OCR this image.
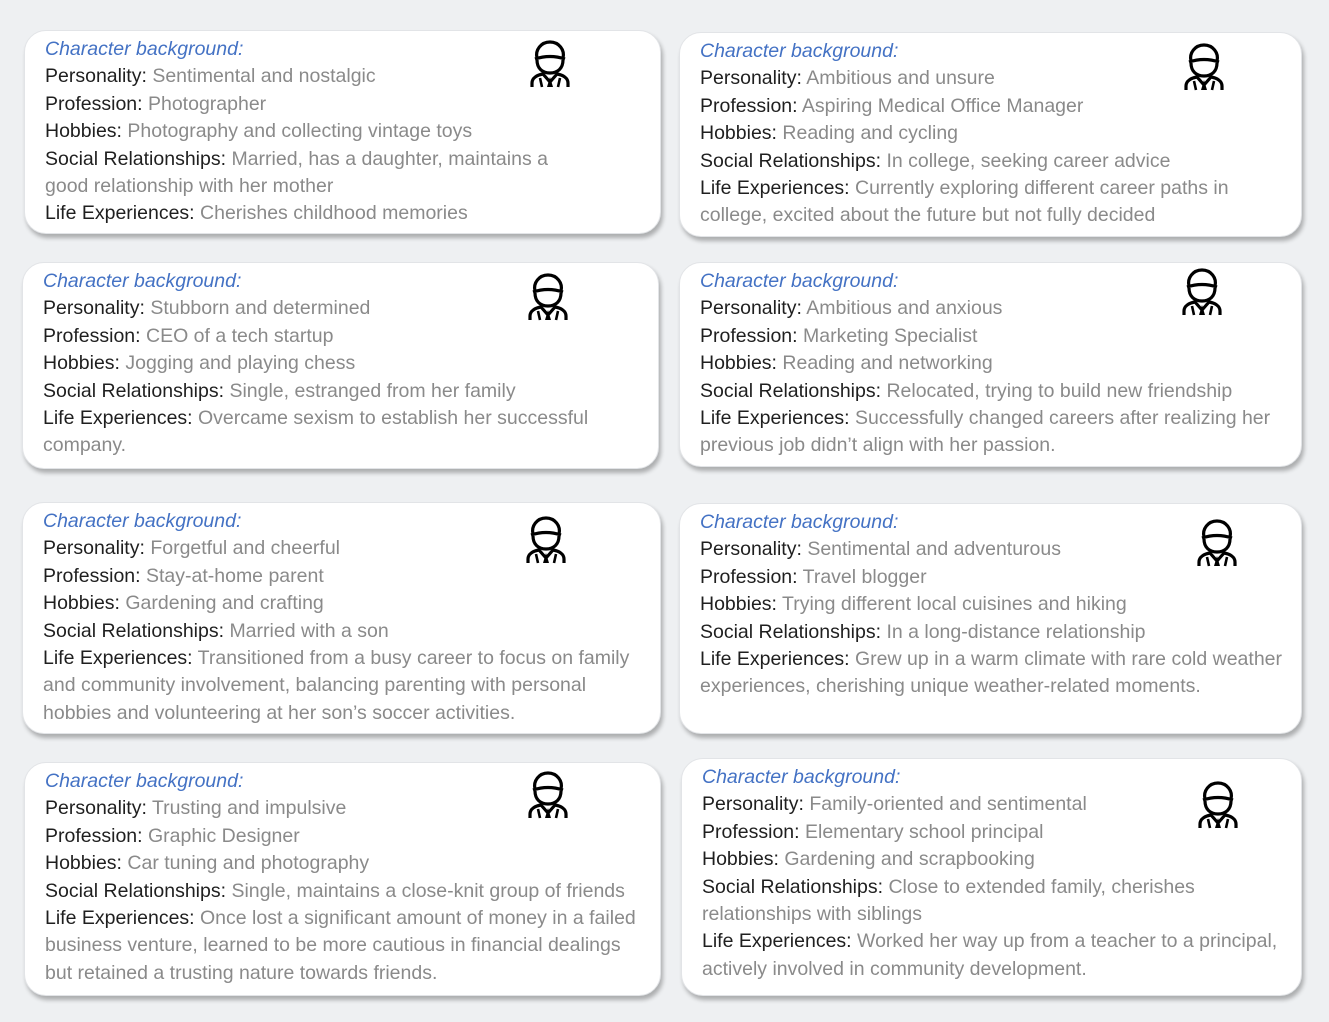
Character background:
Personality: Sentimental and nostalgic
Profession: Photographer
Hobbies: Photography and collecting vintage toys
Social Relationships: Married, has a daughter, maintains a good relationship with her mother
Life Experiences: Cherishes childhood memories
Character background:
Personality: Ambitious and unsure
Profession: Aspiring Medical Office Manager
Hobbies: Reading and cycling
Social Relationships: In college, seeking career advice
Life Experiences: Currently exploring different career paths in college, excited about the future but not fully decided
Character background:
Personality: Stubborn and determined
Profession: CEO of a tech startup
Hobbies: Jogging and playing chess
Social Relationships: Single, estranged from her family
Life Experiences: Overcame sexism to establish her successful company.
Character background:
Personality: Ambitious and anxious
Profession: Marketing Specialist
Hobbies: Reading and networking
Social Relationships: Relocated, trying to build new friendship
Life Experiences: Successfully changed careers after realizing her previous job didn’t align with her passion.
Character background:
Personality: Forgetful and cheerful
Profession: Stay-at-home parent
Hobbies: Gardening and crafting
Social Relationships: Married with a son
Life Experiences: Transitioned from a busy career to focus on family and community involvement, balancing parenting with personal hobbies and volunteering at her son’s soccer activities.
Character background:
Personality: Sentimental and adventurous
Profession: Travel blogger
Hobbies: Trying different local cuisines and hiking
Social Relationships: In a long-distance relationship
Life Experiences: Grew up in a warm climate with rare cold weather experiences, cherishing unique weather-related moments.
Character background:
Personality: Trusting and impulsive
Profession: Graphic Designer
Hobbies: Car tuning and photography
Social Relationships: Single, maintains a close-knit group of friends
Life Experiences: Once lost a significant amount of money in a failed business venture, learned to be more cautious in financial dealings but retained a trusting nature towards friends.
Character background:
Personality: Family-oriented and sentimental
Profession: Elementary school principal
Hobbies: Gardening and scrapbooking
Social Relationships: Close to extended family, cherishes relationships with siblings
Life Experiences: Worked her way up from a teacher to a principal, actively involved in community development.
